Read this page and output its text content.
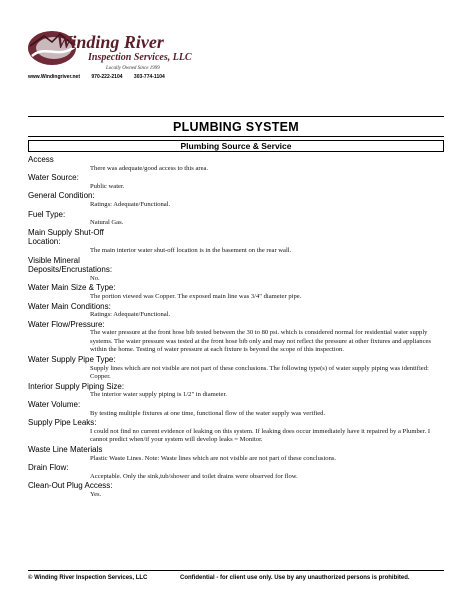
Winding River
Inspection Services, LLC
Locally Owned Since 1999
www.Windingriver.net 970-222-2104 303-774-1104
PLUMBING SYSTEM
Plumbing Source & Service
Access
There was adequate/good access to this area.
Water Source:
Public water.
General Condition:
Ratings: Adequate/Functional.
Fuel Type:
Natural Gas.
Main Supply Shut-Off Location:
The main interior water shut-off location is in the basement on the rear wall.
Visible Mineral Deposits/Encrustations:
No.
Water Main Size & Type:
The portion viewed was Copper. The exposed main line was 3/4" diameter pipe.
Water Main Conditions:
Ratings: Adequate/Functional.
Water Flow/Pressure:
The water pressure at the front hose bib tested between the 30 to 80 psi. which is considered normal for residential water supply systems. The water pressure was tested at the front hose bib only and may not reflect the pressure at other fixtures and appliances within the home. Testing of water pressure at each fixture is beyond the scope of this inspection.
Water Supply Pipe Type:
Supply lines which are not visible are not part of these conclusions. The following type(s) of water supply piping was identified: Copper.
Interior Supply Piping Size:
The interior water supply piping is 1/2" in diameter.
Water Volume:
By testing multiple fixtures at one time, functional flow of the water supply was verified.
Supply Pipe Leaks:
I could not find no current evidence of leaking on this system. If leaking does occur immediately have it repaired by a Plumber. I cannot predict when/if your system will develop leaks = Monitor.
Waste Line Materials
Plastic Waste Lines. Note: Waste lines which are not visible are not part of these conclusions.
Drain Flow:
Acceptable. Only the sink,tub/shower and toilet drains were observed for flow.
Clean-Out Plug Access:
Yes.
© Winding River Inspection Services, LLC	Confidential - for client use only. Use by any unauthorized persons is prohibited.
